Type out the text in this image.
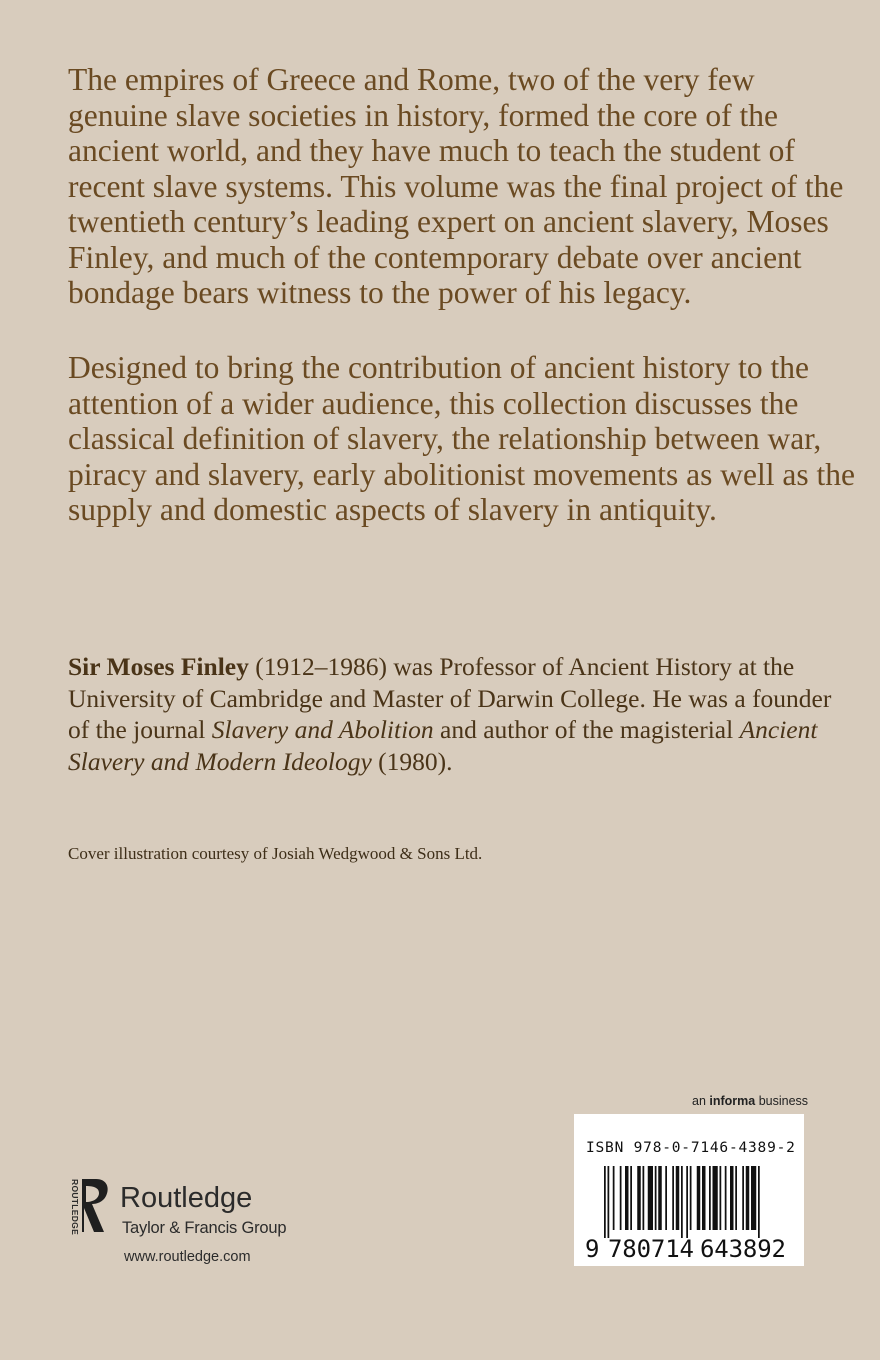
The empires of Greece and Rome, two of the very few genuine slave societies in history, formed the core of the ancient world, and they have much to teach the student of recent slave systems. This volume was the final project of the twentieth century’s leading expert on ancient slavery, Moses Finley, and much of the contemporary debate over ancient bondage bears witness to the power of his legacy.

Designed to bring the contribution of ancient history to the attention of a wider audience, this collection discusses the classical definition of slavery, the relationship between war, piracy and slavery, early abolitionist movements as well as the supply and domestic aspects of slavery in antiquity.

Sir Moses Finley (1912–1986) was Professor of Ancient History at the University of Cambridge and Master of Darwin College. He was a founder of the journal Slavery and Abolition and author of the magisterial Ancient Slavery and Modern Ideology (1980).

Cover illustration courtesy of Josiah Wedgwood & Sons Ltd.

an informa business

ISBN 978-0-7146-4389-2
9 780714 643892
ROUTLEDGE Routledge
Taylor & Francis Group
www.routledge.com
